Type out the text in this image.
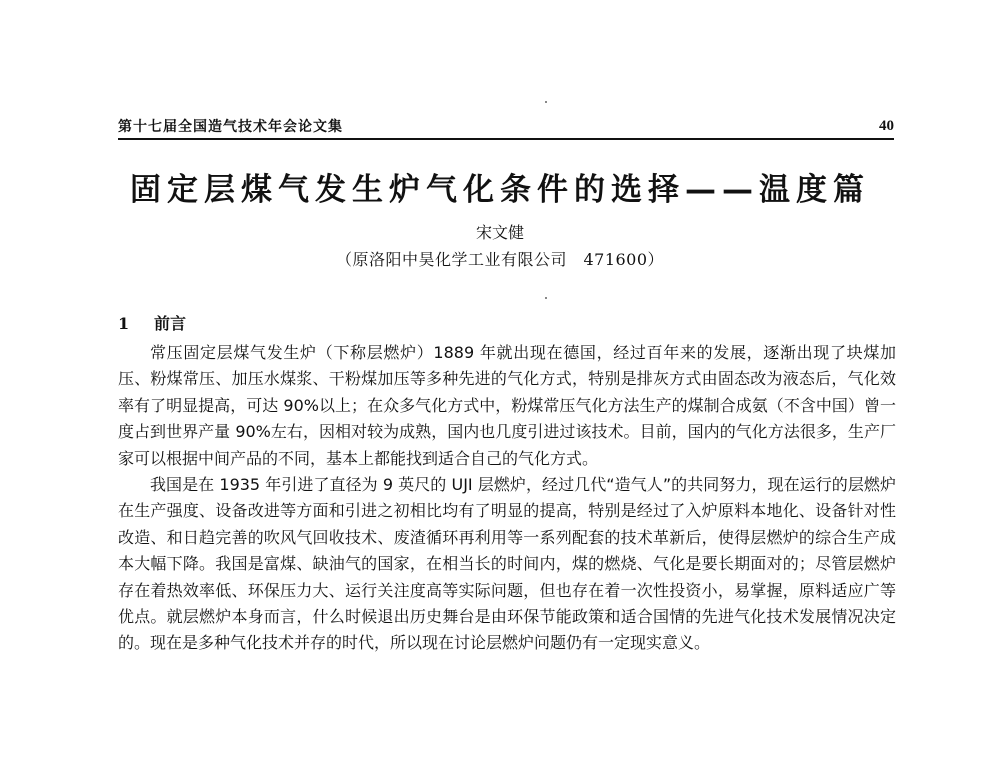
第十七届全国造气技术年会论文集	40
固定层煤气发生炉气化条件的选择——温度篇
宋文健
（原洛阳中昊化学工业有限公司　471600）
1 前言

常压固定层煤气发生炉（下称层燃炉）1889 年就出现在德国，经过百年来的发展，逐渐出现了块煤加压、粉煤常压、加压水煤浆、干粉煤加压等多种先进的气化方式，特别是排灰方式由固态改为液态后，气化效率有了明显提高，可达 90%以上；在众多气化方式中，粉煤常压气化方法生产的煤制合成氨（不含中国）曾一度占到世界产量 90%左右，因相对较为成熟，国内也几度引进过该技术。目前，国内的气化方法很多，生产厂家可以根据中间产品的不同，基本上都能找到适合自己的气化方式。

我国是在 1935 年引进了直径为 9 英尺的 UJI 层燃炉，经过几代“造气人”的共同努力，现在运行的层燃炉在生产强度、设备改进等方面和引进之初相比均有了明显的提高，特别是经过了入炉原料本地化、设备针对性改造、和日趋完善的吹风气回收技术、废渣循环再利用等一系列配套的技术革新后，使得层燃炉的综合生产成本大幅下降。我国是富煤、缺油气的国家，在相当长的时间内，煤的燃烧、气化是要长期面对的；尽管层燃炉存在着热效率低、环保压力大、运行关注度高等实际问题，但也存在着一次性投资小，易掌握，原料适应广等优点。就层燃炉本身而言，什么时候退出历史舞台是由环保节能政策和适合国情的先进气化技术发展情况决定的。现在是多种气化技术并存的时代，所以现在讨论层燃炉问题仍有一定现实意义。
